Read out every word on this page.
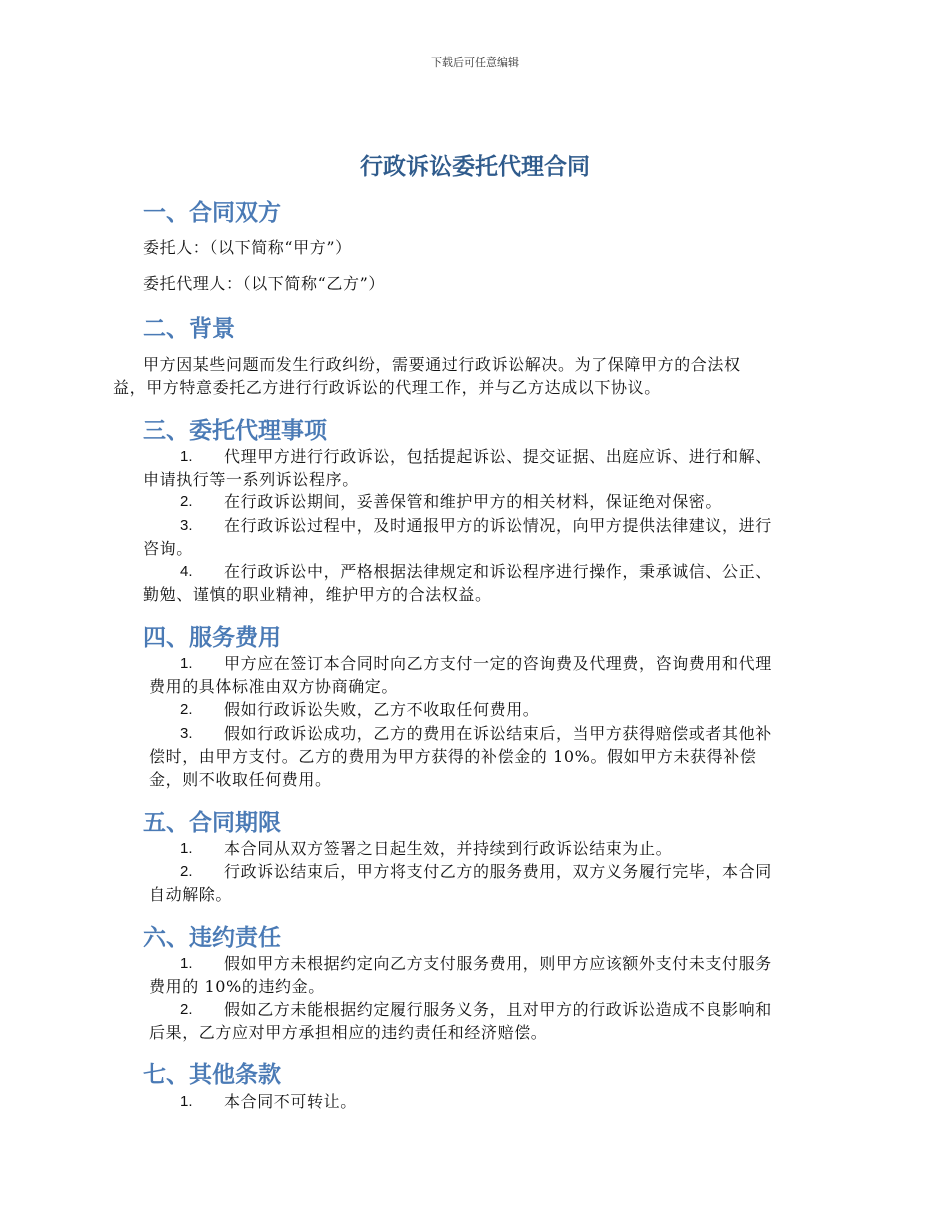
下载后可任意编辑
行政诉讼委托代理合同
一、合同双方

委托人：（以下简称“甲方”）

委托代理人：（以下简称“乙方”）

二、背景

甲方因某些问题而发生行政纠纷，需要通过行政诉讼解决。为了保障甲方的合法权

益，甲方特意委托乙方进行行政诉讼的代理工作，并与乙方达成以下协议。

三、委托代理事项
1. 代理甲方进行行政诉讼，包括提起诉讼、提交证据、出庭应诉、进行和解、

申请执行等一系列诉讼程序。

2. 在行政诉讼期间，妥善保管和维护甲方的相关材料，保证绝对保密。

3. 在行政诉讼过程中，及时通报甲方的诉讼情况，向甲方提供法律建议，进行

咨询。

4. 在行政诉讼中，严格根据法律规定和诉讼程序进行操作，秉承诚信、公正、

勤勉、谨慎的职业精神，维护甲方的合法权益。

四、服务费用
1. 甲方应在签订本合同时向乙方支付一定的咨询费及代理费，咨询费用和代理

费用的具体标准由双方协商确定。

2. 假如行政诉讼失败，乙方不收取任何费用。

3. 假如行政诉讼成功，乙方的费用在诉讼结束后，当甲方获得赔偿或者其他补

偿时，由甲方支付。乙方的费用为甲方获得的补偿金的 10%。假如甲方未获得补偿

金，则不收取任何费用。

五、合同期限
1. 本合同从双方签署之日起生效，并持续到行政诉讼结束为止。

2. 行政诉讼结束后，甲方将支付乙方的服务费用，双方义务履行完毕，本合同

自动解除。

六、违约责任
1. 假如甲方未根据约定向乙方支付服务费用，则甲方应该额外支付未支付服务

费用的 10%的违约金。

2. 假如乙方未能根据约定履行服务义务，且对甲方的行政诉讼造成不良影响和

后果，乙方应对甲方承担相应的违约责任和经济赔偿。

七、其他条款
1. 本合同不可转让。
